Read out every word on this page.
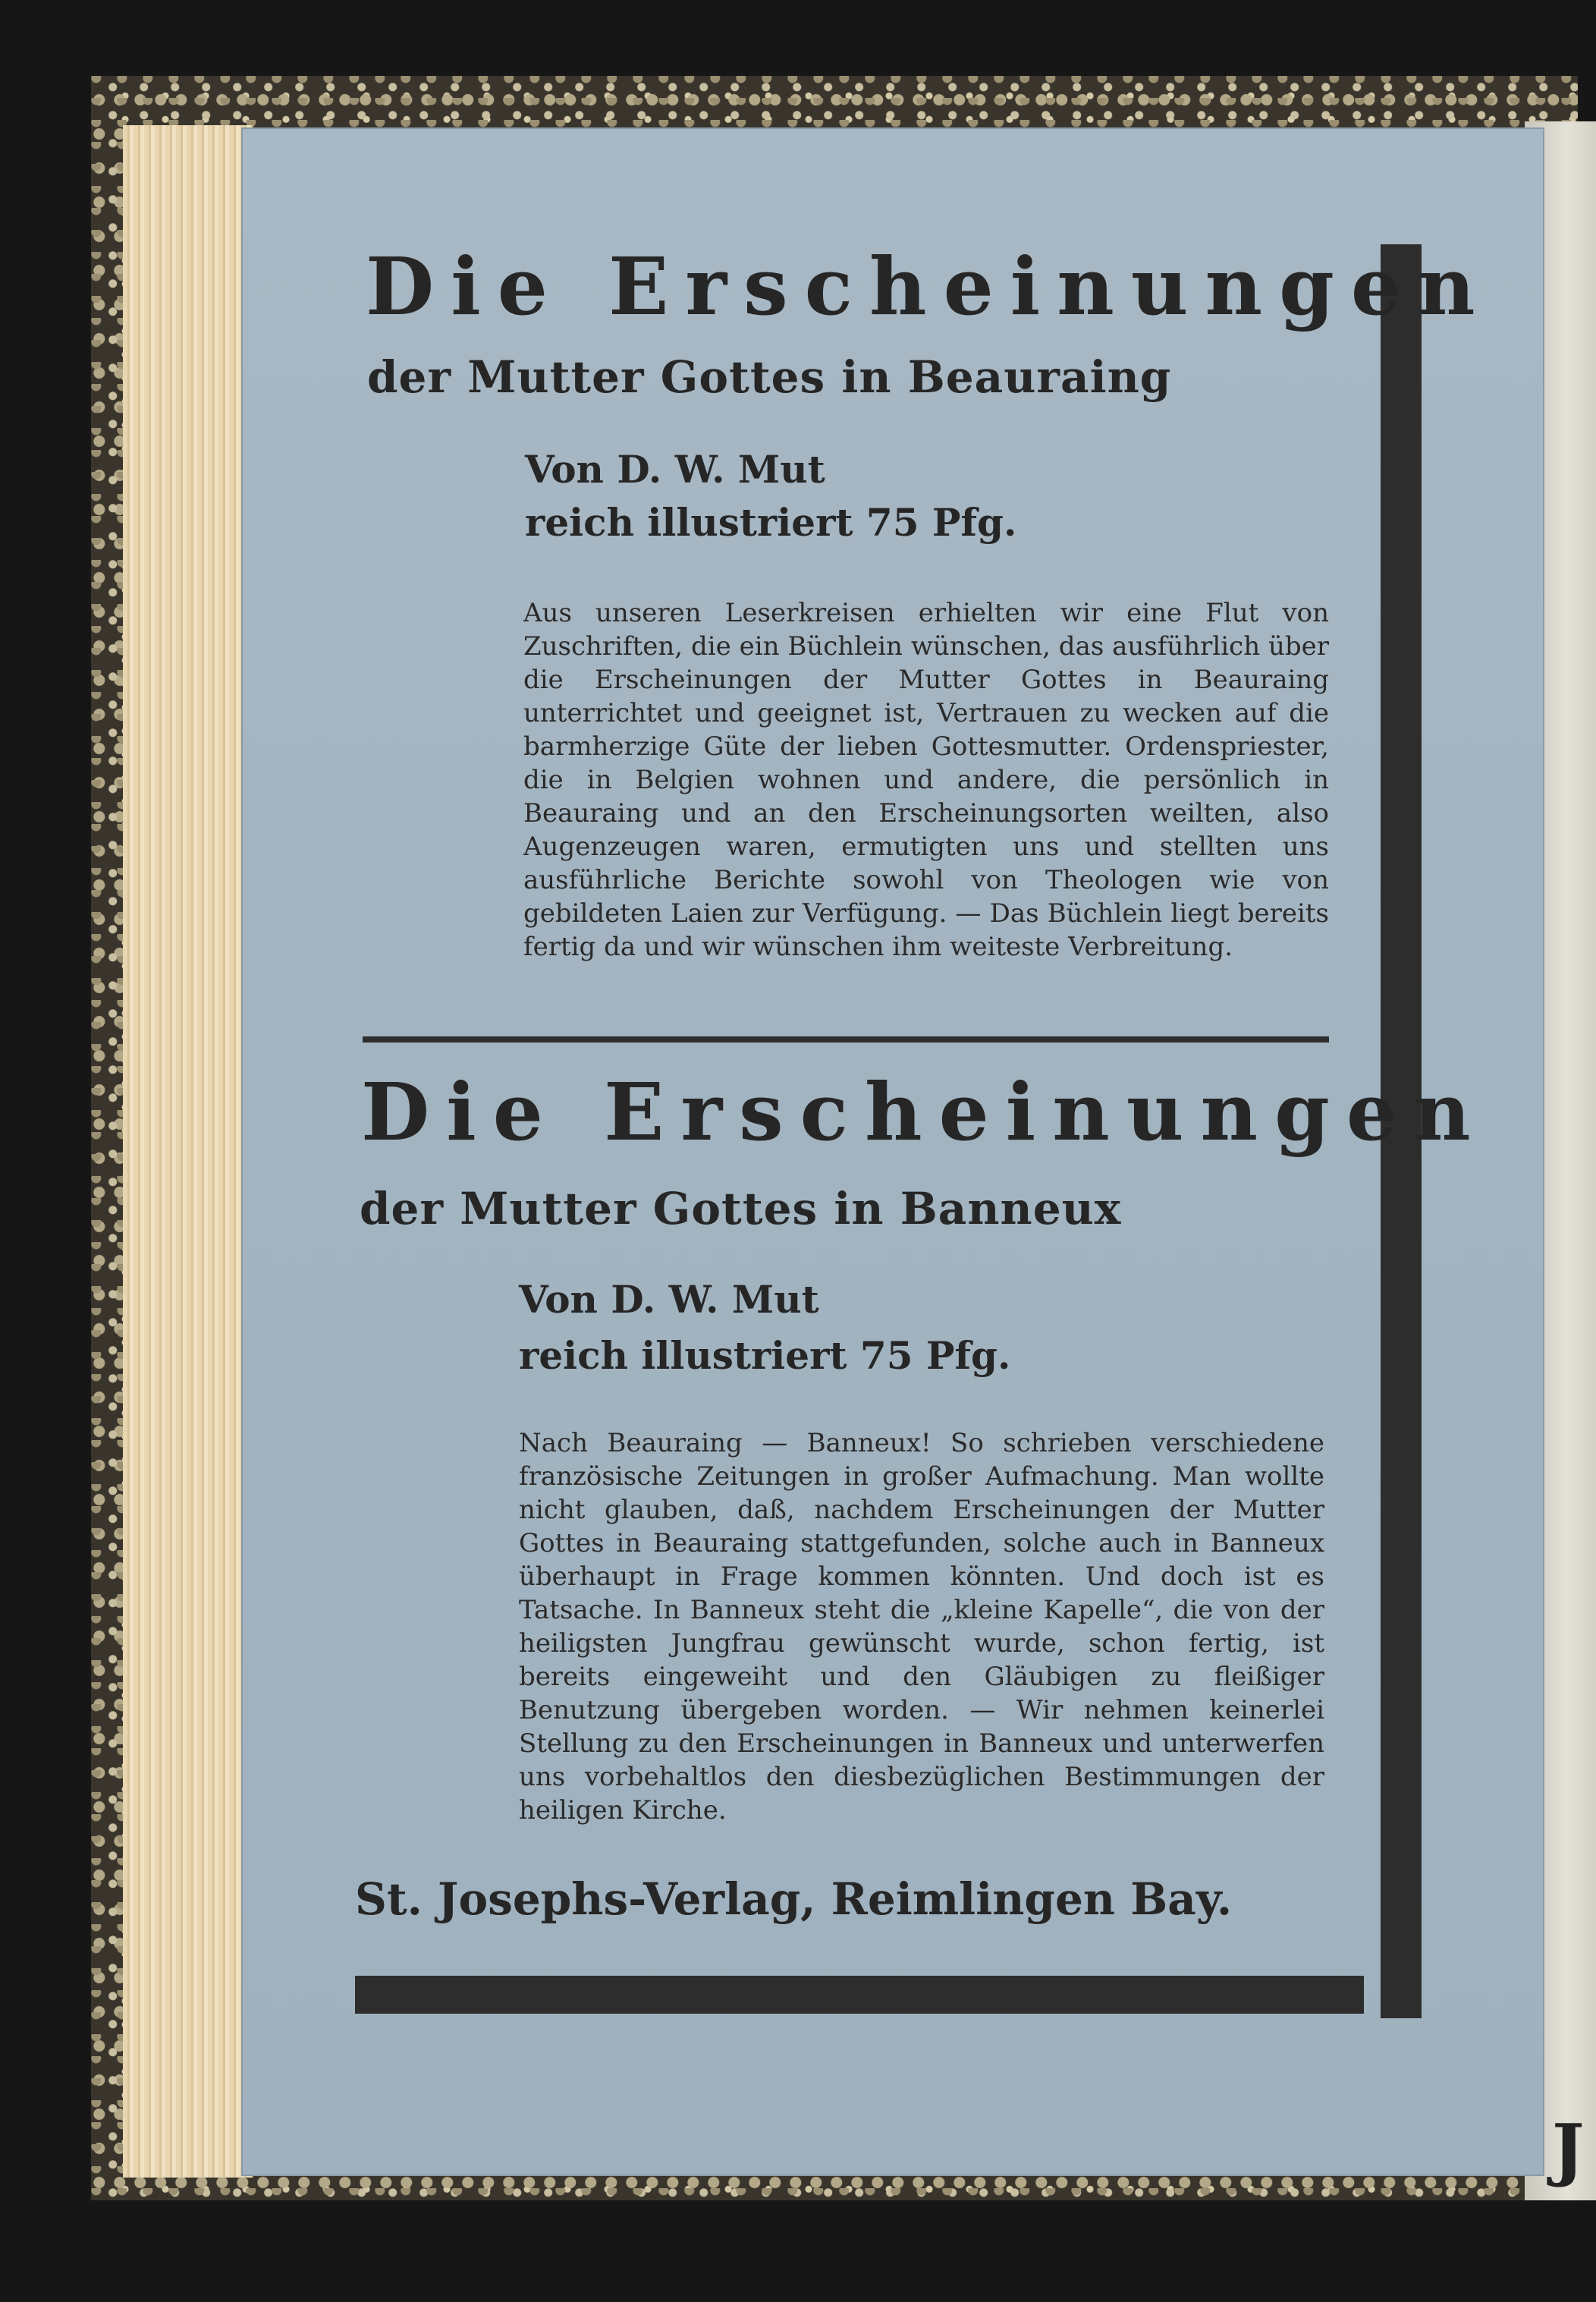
J
Die Erscheinungen
der Mutter Gottes in Beauraing

Von D. W. Mut

reich illustriert 75 Pfg.

Aus unseren Leserkreisen erhielten wir eine Flut von Zuschriften, die ein Büchlein wünschen, das ausführlich über die Erscheinungen der Mutter Gottes in Beauraing unterrichtet und geeignet ist, Vertrauen zu wecken auf die barmherzige Güte der lieben Gottesmutter. Ordenspriester, die in Belgien wohnen und andere, die persönlich in Beauraing und an den Erscheinungsorten weilten, also Augenzeugen waren, ermutigten uns und stellten uns ausführliche Berichte sowohl von Theologen wie von gebildeten Laien zur Verfügung. — Das Büchlein liegt bereits fertig da und wir wünschen ihm weiteste Verbreitung.

Die Erscheinungen
der Mutter Gottes in Banneux

Von D. W. Mut

reich illustriert 75 Pfg.

Nach Beauraing — Banneux! So schrieben verschiedene französische Zeitungen in großer Aufmachung. Man wollte nicht glauben, daß, nachdem Erscheinungen der Mutter Gottes in Beauraing stattgefunden, solche auch in Banneux überhaupt in Frage kommen könnten. Und doch ist es Tatsache. In Banneux steht die „kleine Kapelle“, die von der heiligsten Jungfrau gewünscht wurde, schon fertig, ist bereits eingeweiht und den Gläubigen zu fleißiger Benutzung übergeben worden. — Wir nehmen keinerlei Stellung zu den Erscheinungen in Banneux und unterwerfen uns vorbehaltlos den diesbezüglichen Bestimmungen der heiligen Kirche.

St. Josephs-Verlag, Reimlingen Bay.
